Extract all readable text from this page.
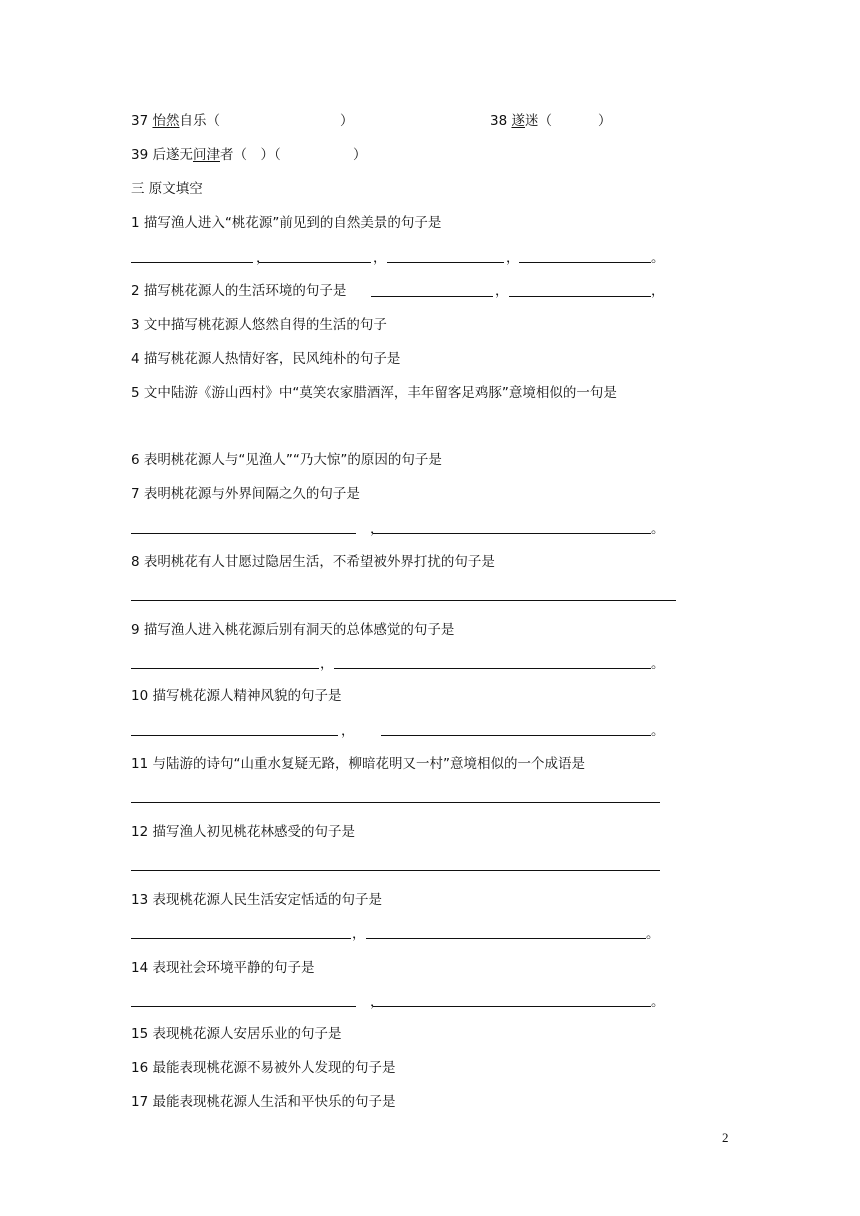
37 怡然自乐（	）	38 遂迷（	）
39 后遂无问津者（　）（	）
三 原文填空
1 描写渔人进入“桃花源”前见到的自然美景的句子是
，	，	，	。
2 描写桃花源人的生活环境的句子是	，	，
3 文中描写桃花源人悠然自得的生活的句子
4 描写桃花源人热情好客，民风纯朴的句子是
5 文中陆游《游山西村》中“莫笑农家腊酒浑，丰年留客足鸡豚”意境相似的一句是
6 表明桃花源人与“见渔人”“乃大惊”的原因的句子是
7 表明桃花源与外界间隔之久的句子是
，	。
8 表明桃花有人甘愿过隐居生活，不希望被外界打扰的句子是
9 描写渔人进入桃花源后别有洞天的总体感觉的句子是
，	。
10 描写桃花源人精神风貌的句子是
，	。
11 与陆游的诗句“山重水复疑无路，柳暗花明又一村”意境相似的一个成语是
12 描写渔人初见桃花林感受的句子是
13 表现桃花源人民生活安定恬适的句子是
，	。
14 表现社会环境平静的句子是
，	。
15 表现桃花源人安居乐业的句子是
16 最能表现桃花源不易被外人发现的句子是
17 最能表现桃花源人生活和平快乐的句子是
2
